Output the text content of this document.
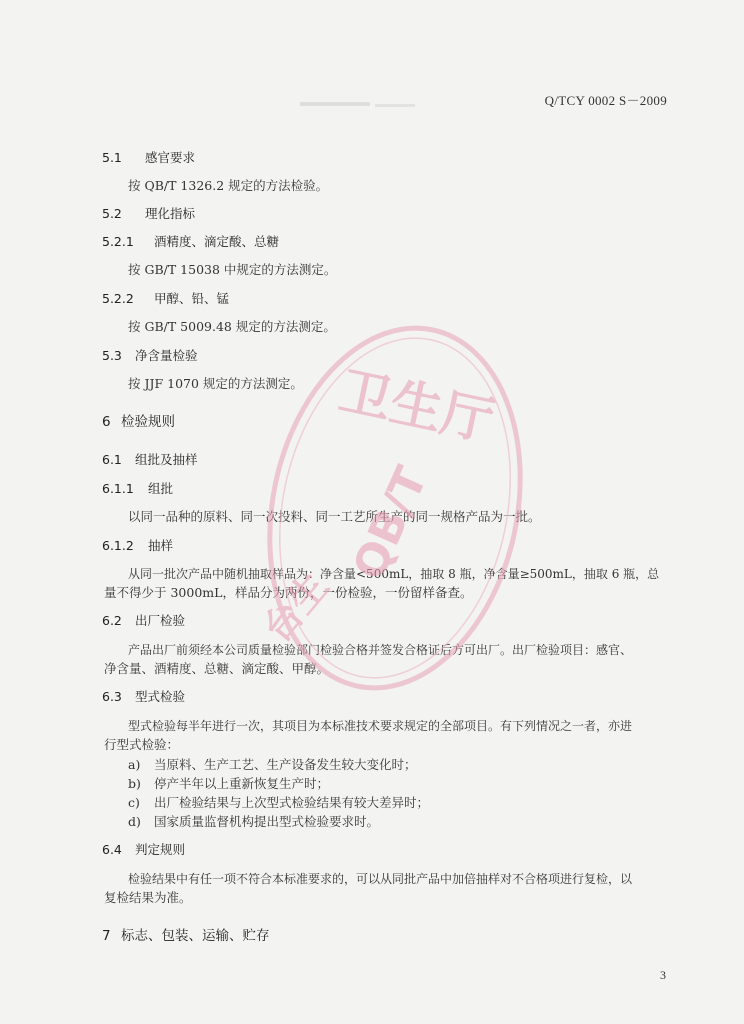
Q/TCY 0002 S－2009
5.1 感官要求
按 QB/T 1326.2 规定的方法检验。
5.2 理化指标
5.2.1 酒精度、滴定酸、总糖
按 GB/T 15038 中规定的方法测定。
5.2.2 甲醇、铅、锰
按 GB/T 5009.48 规定的方法测定。
5.3 净含量检验
按 JJF 1070 规定的方法测定。
6 检验规则
6.1 组批及抽样
6.1.1 组批
以同一品种的原料、同一次投料、同一工艺所生产的同一规格产品为一批。
6.1.2 抽样
从同一批次产品中随机抽取样品为：净含量<500mL，抽取 8 瓶，净含量≥500mL，抽取 6 瓶，总
量不得少于 3000mL，样品分为两份，一份检验，一份留样备查。
6.2 出厂检验
产品出厂前须经本公司质量检验部门检验合格并签发合格证后方可出厂。出厂检验项目：感官、
净含量、酒精度、总糖、滴定酸、甲醇。
6.3 型式检验
型式检验每半年进行一次，其项目为本标准技术要求规定的全部项目。有下列情况之一者，亦进
行型式检验：
a) 当原料、生产工艺、生产设备发生较大变化时；
b) 停产半年以上重新恢复生产时；
c) 出厂检验结果与上次型式检验结果有较大差异时；
d) 国家质量监督机构提出型式检验要求时。
6.4 判定规则
检验结果中有任一项不符合本标准要求的，可以从同批产品中加倍抽样对不合格项进行复检，以
复检结果为准。
7 标志、包装、运输、贮存
3
卫生厅
QB/T
台生
